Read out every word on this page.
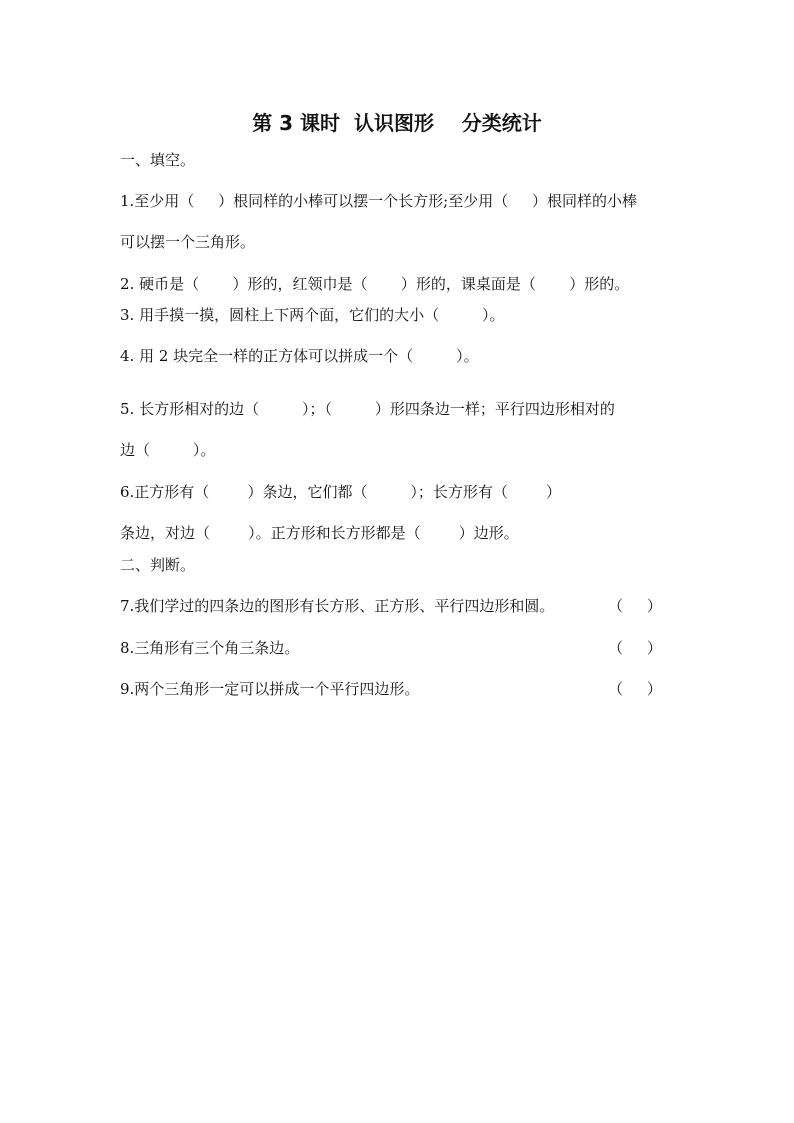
第 3 课时  认识图形    分类统计
一、填空。
1.至少用（     ）根同样的小棒可以摆一个长方形;至少用（     ）根同样的小棒
可以摆一个三角形。
2. 硬币是（       ）形的，红领巾是（       ）形的，课桌面是（       ）形的。
3. 用手摸一摸，圆柱上下两个面，它们的大小（         ）。
4. 用 2 块完全一样的正方体可以拼成一个（         ）。
5. 长方形相对的边（         ）；（         ）形四条边一样；平行四边形相对的
边（         ）。
6.正方形有（        ）条边，它们都（         ）；长方形有（        ）
条边，对边（        ）。正方形和长方形都是（        ）边形。
二、判断。
7.我们学过的四条边的图形有长方形、正方形、平行四边形和圆。	（     ）
8.三角形有三个角三条边。	（     ）
9.两个三角形一定可以拼成一个平行四边形。	（     ）
